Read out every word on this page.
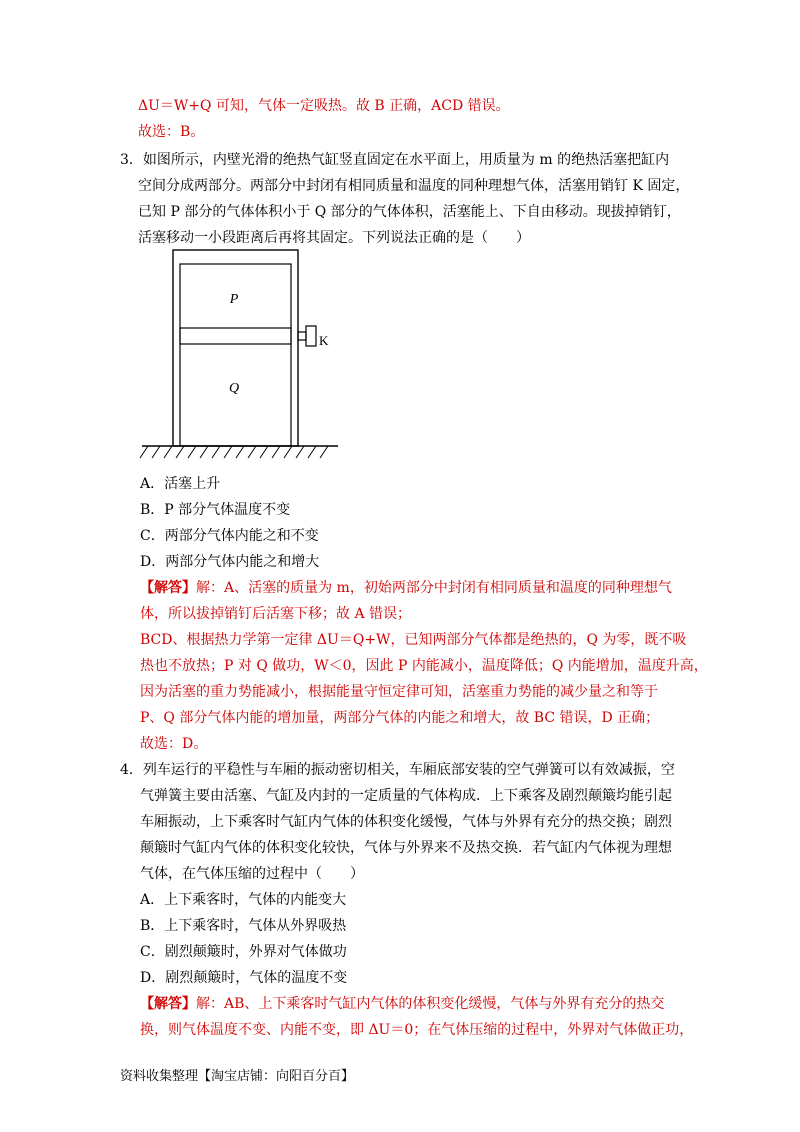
ΔU＝W+Q 可知，气体一定吸热。故 B 正确，ACD 错误。
故选：B。
3．如图所示，内壁光滑的绝热气缸竖直固定在水平面上，用质量为 m 的绝热活塞把缸内
空间分成两部分。两部分中封闭有相同质量和温度的同种理想气体，活塞用销钉 K 固定，
已知 P 部分的气体体积小于 Q 部分的气体体积，活塞能上、下自由移动。现拔掉销钉，
活塞移动一小段距离后再将其固定。下列说法正确的是（　　）
P
Q
K
A．活塞上升
B．P 部分气体温度不变
C．两部分气体内能之和不变
D．两部分气体内能之和增大
【解答】解：A、活塞的质量为 m，初始两部分中封闭有相同质量和温度的同种理想气
体，所以拔掉销钉后活塞下移；故 A 错误；
BCD、根据热力学第一定律 ΔU＝Q+W，已知两部分气体都是绝热的，Q 为零，既不吸
热也不放热；P 对 Q 做功，W＜0，因此 P 内能减小，温度降低；Q 内能增加，温度升高，
因为活塞的重力势能减小，根据能量守恒定律可知，活塞重力势能的减少量之和等于
P、Q 部分气体内能的增加量，两部分气体的内能之和增大，故 BC 错误，D 正确；
故选：D。
4．列车运行的平稳性与车厢的振动密切相关，车厢底部安装的空气弹簧可以有效减振，空
气弹簧主要由活塞、气缸及内封的一定质量的气体构成．上下乘客及剧烈颠簸均能引起
车厢振动，上下乘客时气缸内气体的体积变化缓慢，气体与外界有充分的热交换；剧烈
颠簸时气缸内气体的体积变化较快，气体与外界来不及热交换．若气缸内气体视为理想
气体，在气体压缩的过程中（　　）
A．上下乘客时，气体的内能变大
B．上下乘客时，气体从外界吸热
C．剧烈颠簸时，外界对气体做功
D．剧烈颠簸时，气体的温度不变
【解答】解：AB、上下乘客时气缸内气体的体积变化缓慢，气体与外界有充分的热交
换，则气体温度不变、内能不变，即 ΔU＝0；在气体压缩的过程中，外界对气体做正功，
资料收集整理【淘宝店铺：向阳百分百】
